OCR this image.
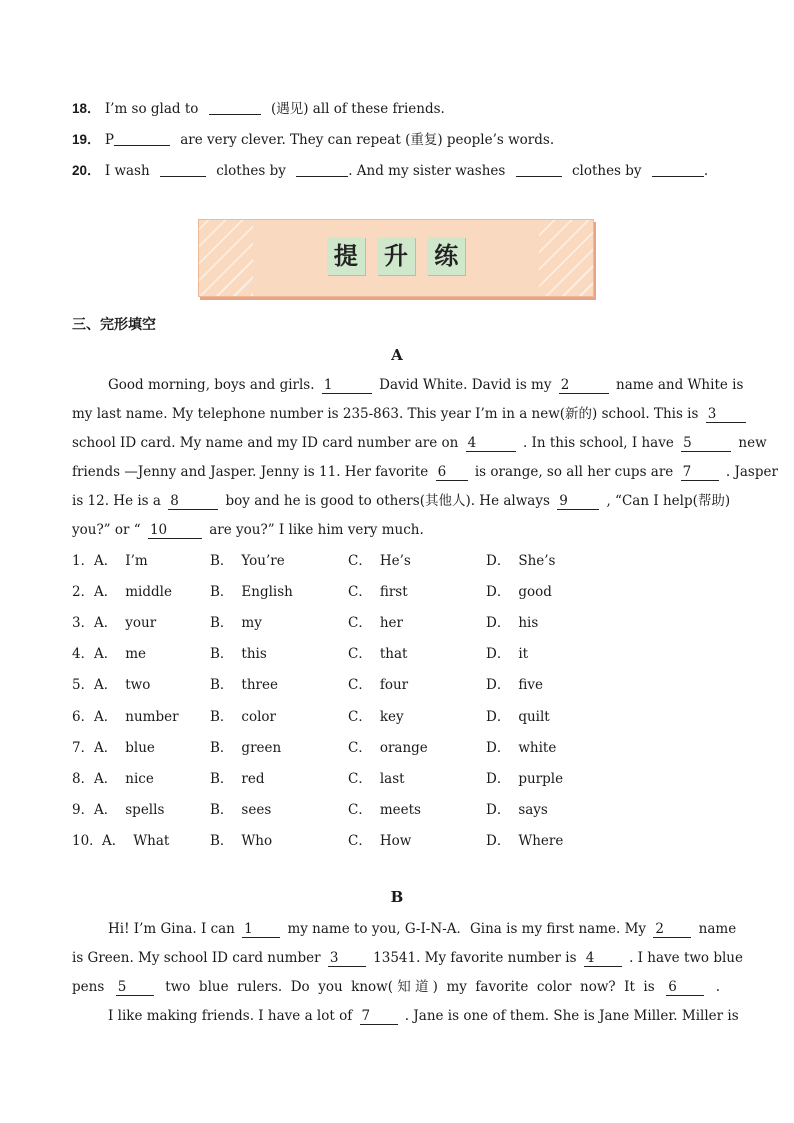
18． I’m so glad to	(遇见) all of these friends.
19． P	are very clever. They can repeat (重复) people’s words.
20． I wash	clothes by	. And my sister washes	clothes by	.
提 升 练
三、完形填空
A
Good morning, boys and girls. 1	David White. David is my 2	name and White is
my last name. My telephone number is 235-863. This year I’m in a new(新的) school. This is 3
school ID card. My name and my ID card number are on 4	. In this school, I have 5	new
friends —Jenny and Jasper. Jenny is 11. Her favorite 6 is orange, so all her cups are 7 . Jasper
is 12. He is a 8	boy and he is good to others(其他人). He always 9	, “Can I help(帮助)
you?” or “ 10	are you?” I like him very much.
1． A． I’m	B． You’re	C． He’s	D． She’s
2． A． middle	B． English	C． first	D． good
3． A． your	B． my	C． her	D． his
4． A． me	B． this	C． that	D． it
5． A． two	B． three	C． four	D． five
6． A． number B． color	C． key	D． quilt
7． A． blue	B． green	C． orange	D． white
8． A． nice	B． red	C． last	D． purple
9． A． spells	B． sees	C． meets	D． says
10． A． What	B． Who	C． How	D． Where
B
Hi! I’m Gina. I can 1 my name to you, G-I-N-A．Gina is my first name. My 2 name
is Green. My school ID card number 3 13541. My favorite number is 4 . I have two blue
pens 5 two blue rulers. Do you know(知道) my favorite color now? It is 6 .
I like making friends. I have a lot of 7 . Jane is one of them. She is Jane Miller. Miller is
